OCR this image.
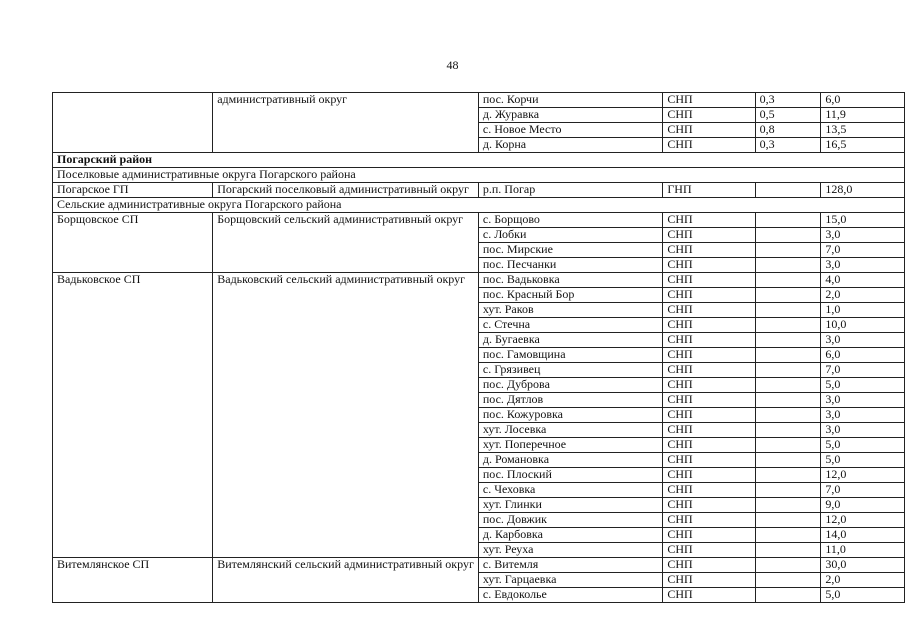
48
	административный округ	пос. Корчи	СНП	0,3	6,0
		д. Журавка	СНП	0,5	11,9
		с. Новое Место	СНП	0,8	13,5
		д. Корна	СНП	0,3	16,5
Погарский район					
Поселковые административные округа Погарского района					
Погарское ГП	Погарский поселковый административный округ	р.п. Погар	ГНП		128,0
Сельские административные округа Погарского района					
Борщовское СП	Борщовский сельский административный округ	с. Борщово	СНП		15,0
		с. Лобки	СНП		3,0
		пос. Мирские	СНП		7,0
		пос. Песчанки	СНП		3,0
Вадьковское СП	Вадьковский сельский административный округ	пос. Вадьковка	СНП		4,0
		пос. Красный Бор	СНП		2,0
		хут. Раков	СНП		1,0
		с. Стечна	СНП		10,0
		д. Бугаевка	СНП		3,0
		пос. Гамовщина	СНП		6,0
		с. Грязивец	СНП		7,0
		пос. Дуброва	СНП		5,0
		пос. Дятлов	СНП		3,0
		пос. Кожуровка	СНП		3,0
		хут. Лосевка	СНП		3,0
		хут. Поперечное	СНП		5,0
		д. Романовка	СНП		5,0
		пос. Плоский	СНП		12,0
		с. Чеховка	СНП		7,0
		хут. Глинки	СНП		9,0
		пос. Довжик	СНП		12,0
		д. Карбовка	СНП		14,0
		хут. Реуха	СНП		11,0
Витемлянское СП	Витемлянский сельский административный округ	с. Витемля	СНП		30,0
		хут. Гарцаевка	СНП		2,0
		с. Евдоколье	СНП		5,0
